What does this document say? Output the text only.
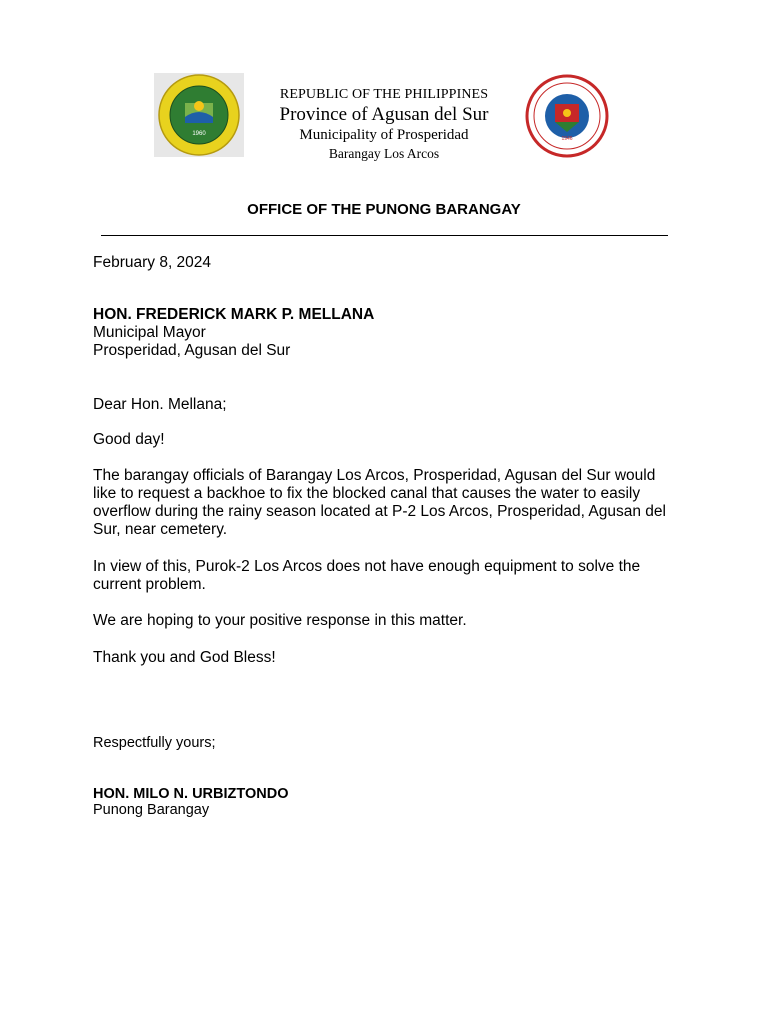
1960
1946
REPUBLIC OF THE PHILIPPINES
Province of Agusan del Sur
Municipality of Prosperidad
Barangay Los Arcos
OFFICE OF THE PUNONG BARANGAY
February 8, 2024
HON. FREDERICK MARK P. MELLANA
Municipal Mayor
Prosperidad, Agusan del Sur
Dear Hon. Mellana;
Good day!
The barangay officials of Barangay Los Arcos, Prosperidad, Agusan del Sur would like to request a backhoe to fix the blocked canal that causes the water to easily overflow during the rainy season located at P-2 Los Arcos, Prosperidad, Agusan del Sur, near cemetery.
In view of this, Purok-2 Los Arcos does not have enough equipment to solve the current problem.
We are hoping to your positive response in this matter.
Thank you and God Bless!
Respectfully yours;
HON. MILO N. URBIZTONDO
Punong Barangay
